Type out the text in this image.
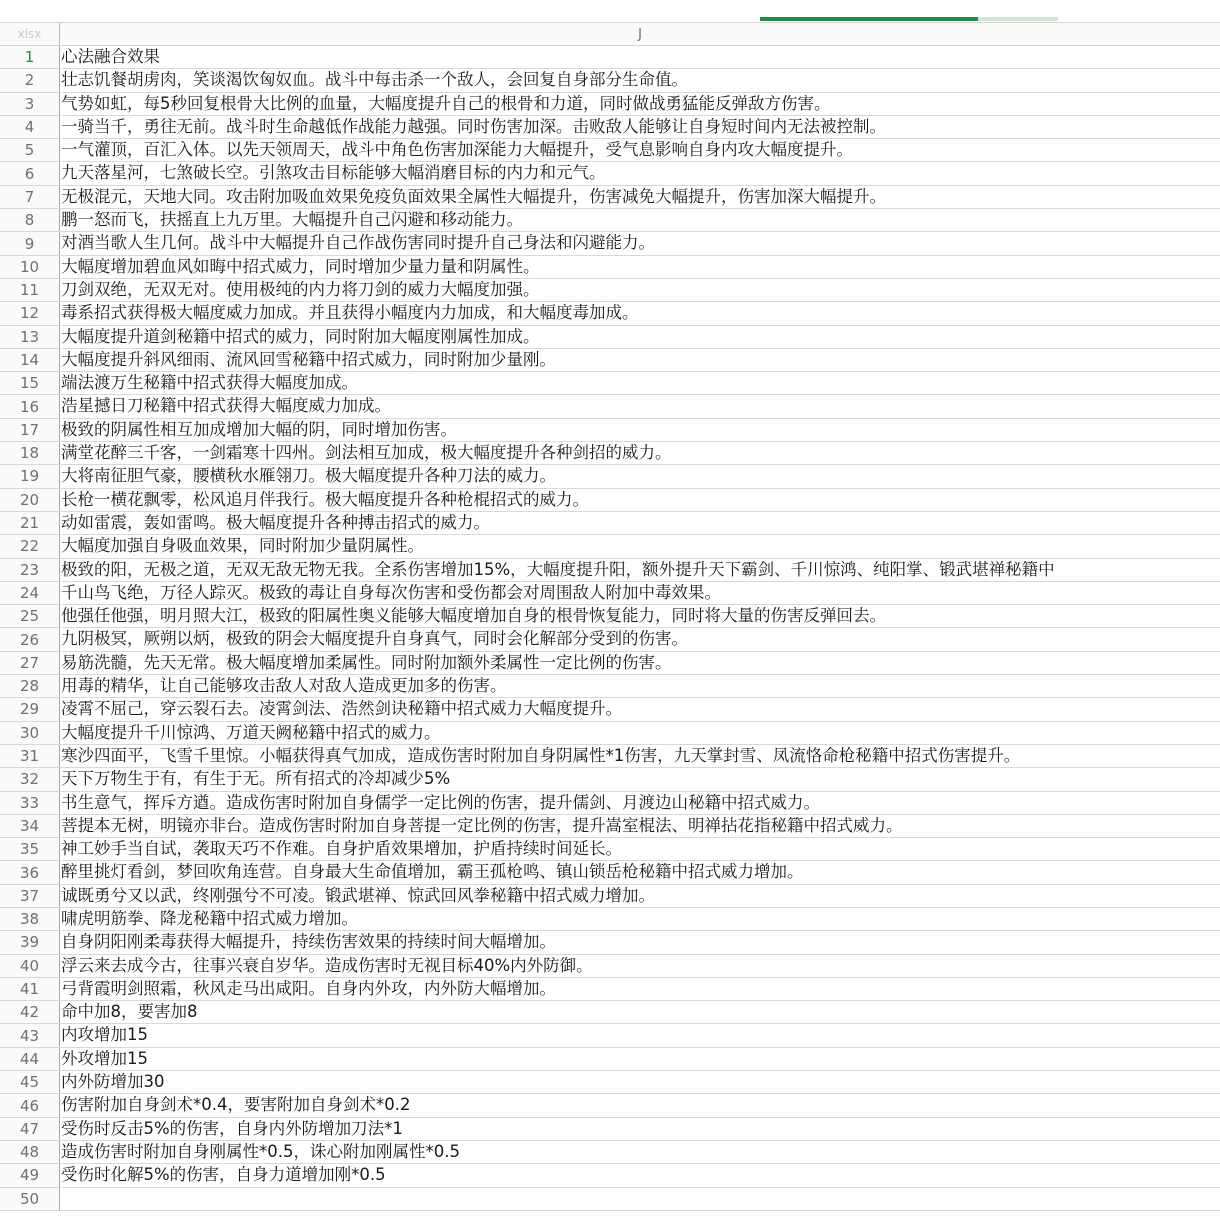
xlsx	J
1	心法融合效果
2	壮志饥餐胡虏肉，笑谈渴饮匈奴血。战斗中每击杀一个敌人，会回复自身部分生命值。
3	气势如虹，每5秒回复根骨大比例的血量，大幅度提升自己的根骨和力道，同时做战勇猛能反弹敌方伤害。
4	一骑当千，勇往无前。战斗时生命越低作战能力越强。同时伤害加深。击败敌人能够让自身短时间内无法被控制。
5	一气灌顶，百汇入体。以先天领周天，战斗中角色伤害加深能力大幅提升，受气息影响自身内攻大幅度提升。
6	九天落星河，七煞破长空。引煞攻击目标能够大幅消磨目标的内力和元气。
7	无极混元，天地大同。攻击附加吸血效果免疫负面效果全属性大幅提升，伤害减免大幅提升，伤害加深大幅提升。
8	鹏一怒而飞，扶摇直上九万里。大幅提升自己闪避和移动能力。
9	对酒当歌人生几何。战斗中大幅提升自己作战伤害同时提升自己身法和闪避能力。
10	大幅度增加碧血风如晦中招式威力，同时增加少量力量和阴属性。
11	刀剑双绝，无双无对。使用极纯的内力将刀剑的威力大幅度加强。
12	毒系招式获得极大幅度威力加成。并且获得小幅度内力加成，和大幅度毒加成。
13	大幅度提升道剑秘籍中招式的威力，同时附加大幅度刚属性加成。
14	大幅度提升斜风细雨、流风回雪秘籍中招式威力，同时附加少量刚。
15	端法渡万生秘籍中招式获得大幅度加成。
16	浩星撼日刀秘籍中招式获得大幅度威力加成。
17	极致的阴属性相互加成增加大幅的阴，同时增加伤害。
18	满堂花醉三千客，一剑霜寒十四州。剑法相互加成，极大幅度提升各种剑招的威力。
19	大将南征胆气豪，腰横秋水雁翎刀。极大幅度提升各种刀法的威力。
20	长枪一横花飘零，松风追月伴我行。极大幅度提升各种枪棍招式的威力。
21	动如雷震，轰如雷鸣。极大幅度提升各种搏击招式的威力。
22	大幅度加强自身吸血效果，同时附加少量阴属性。
23	极致的阳，无极之道，无双无敌无物无我。全系伤害增加15%，大幅度提升阳，额外提升天下霸剑、千川惊鸿、纯阳掌、锻武堪禅秘籍中
24	千山鸟飞绝，万径人踪灭。极致的毒让自身每次伤害和受伤都会对周围敌人附加中毒效果。
25	他强任他强，明月照大江，极致的阳属性奥义能够大幅度增加自身的根骨恢复能力，同时将大量的伤害反弹回去。
26	九阴极冥，厥朔以炳，极致的阴会大幅度提升自身真气，同时会化解部分受到的伤害。
27	易筋洗髓，先天无常。极大幅度增加柔属性。同时附加额外柔属性一定比例的伤害。
28	用毒的精华，让自己能够攻击敌人对敌人造成更加多的伤害。
29	凌霄不屈己，穿云裂石去。凌霄剑法、浩然剑诀秘籍中招式威力大幅度提升。
30	大幅度提升千川惊鸿、万道天阙秘籍中招式的威力。
31	寒沙四面平，飞雪千里惊。小幅获得真气加成，造成伤害时附加自身阴属性*1伤害，九天掌封雪、凤流恪命枪秘籍中招式伤害提升。
32	天下万物生于有，有生于无。所有招式的冷却减少5%
33	书生意气，挥斥方遒。造成伤害时附加自身儒学一定比例的伤害，提升儒剑、月渡边山秘籍中招式威力。
34	菩提本无树，明镜亦非台。造成伤害时附加自身菩提一定比例的伤害，提升嵩室棍法、明禅拈花指秘籍中招式威力。
35	神工妙手当自试，袭取天巧不作难。自身护盾效果增加，护盾持续时间延长。
36	醉里挑灯看剑，梦回吹角连营。自身最大生命值增加，霸王孤枪鸣、镇山锁岳枪秘籍中招式威力增加。
37	诚既勇兮又以武，终刚强兮不可凌。锻武堪禅、惊武回风拳秘籍中招式威力增加。
38	啸虎明筋拳、降龙秘籍中招式威力增加。
39	自身阴阳刚柔毒获得大幅提升，持续伤害效果的持续时间大幅增加。
40	浮云来去成今古，往事兴衰自岁华。造成伤害时无视目标40%内外防御。
41	弓背霞明剑照霜，秋风走马出咸阳。自身内外攻，内外防大幅增加。
42	命中加8，要害加8
43	内攻增加15
44	外攻增加15
45	内外防增加30
46	伤害附加自身剑术*0.4，要害附加自身剑术*0.2
47	受伤时反击5%的伤害，自身内外防增加刀法*1
48	造成伤害时附加自身刚属性*0.5，诛心附加刚属性*0.5
49	受伤时化解5%的伤害，自身力道增加刚*0.5
50
